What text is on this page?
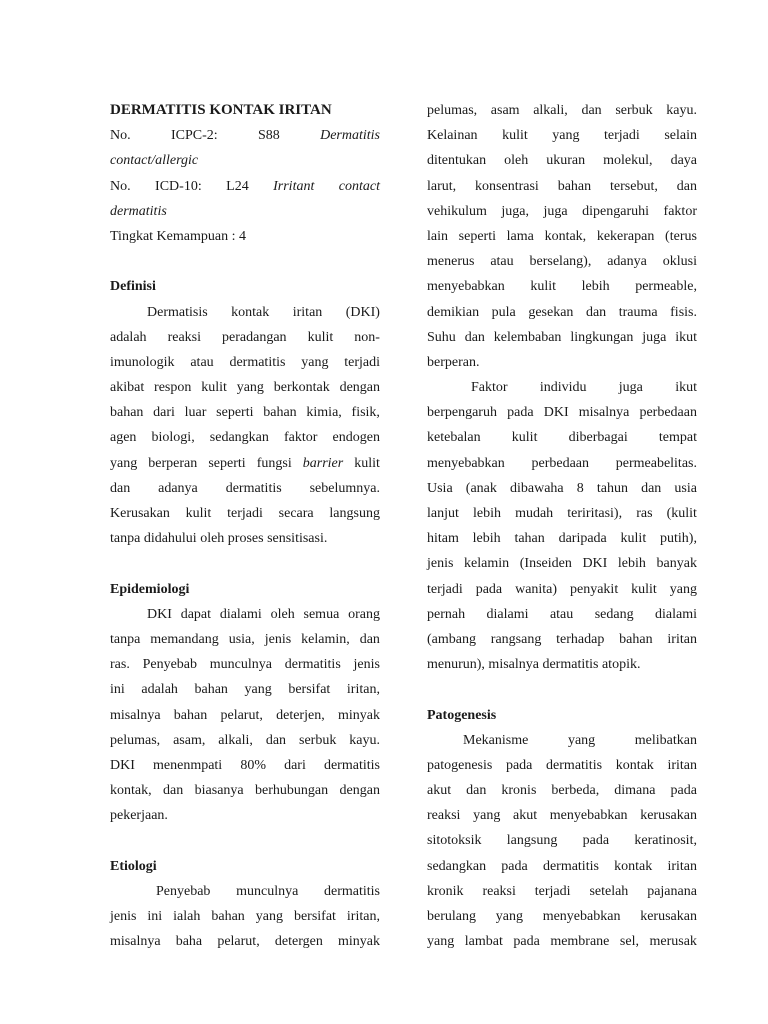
DERMATITIS KONTAK IRITAN
No.	ICPC-2:	S88	Dermatitis
contact/allergic
No. ICD-10: L24 Irritant contact
dermatitis
Tingkat Kemampuan : 4
Definisi
Dermatisis kontak iritan (DKI)
adalah reaksi peradangan kulit non-
imunologik atau dermatitis yang terjadi
akibat respon kulit yang berkontak dengan
bahan dari luar seperti bahan kimia, fisik,
agen biologi, sedangkan faktor endogen
yang berperan seperti fungsi barrier kulit
dan adanya dermatitis sebelumnya.
Kerusakan kulit terjadi secara langsung
tanpa didahului oleh proses sensitisasi.
Epidemiologi
DKI dapat dialami oleh semua orang
tanpa memandang usia, jenis kelamin, dan
ras. Penyebab munculnya dermatitis jenis
ini adalah bahan yang bersifat iritan,
misalnya bahan pelarut, deterjen, minyak
pelumas, asam, alkali, dan serbuk kayu.
DKI menenmpati 80% dari dermatitis
kontak, dan biasanya berhubungan dengan
pekerjaan.
Etiologi
Penyebab munculnya dermatitis
jenis ini ialah bahan yang bersifat iritan,
misalnya baha pelarut, detergen minyak
pelumas, asam alkali, dan serbuk kayu.
Kelainan kulit yang terjadi selain
ditentukan oleh ukuran molekul, daya
larut, konsentrasi bahan tersebut, dan
vehikulum juga, juga dipengaruhi faktor
lain seperti lama kontak, kekerapan (terus
menerus atau berselang), adanya oklusi
menyebabkan kulit lebih permeable,
demikian pula gesekan dan trauma fisis.
Suhu dan kelembaban lingkungan juga ikut
berperan.
Faktor individu juga ikut
berpengaruh pada DKI misalnya perbedaan
ketebalan kulit diberbagai tempat
menyebabkan perbedaan permeabelitas.
Usia (anak dibawaha 8 tahun dan usia
lanjut lebih mudah teriritasi), ras (kulit
hitam lebih tahan daripada kulit putih),
jenis kelamin (Inseiden DKI lebih banyak
terjadi pada wanita) penyakit kulit yang
pernah dialami atau sedang dialami
(ambang rangsang terhadap bahan iritan
menurun), misalnya dermatitis atopik.
Patogenesis
Mekanisme	yang	melibatkan
patogenesis pada dermatitis kontak iritan
akut dan kronis berbeda, dimana pada
reaksi yang akut menyebabkan kerusakan
sitotoksik langsung pada keratinosit,
sedangkan pada dermatitis kontak iritan
kronik reaksi terjadi setelah pajanana
berulang yang menyebabkan kerusakan
yang lambat pada membrane sel, merusak
